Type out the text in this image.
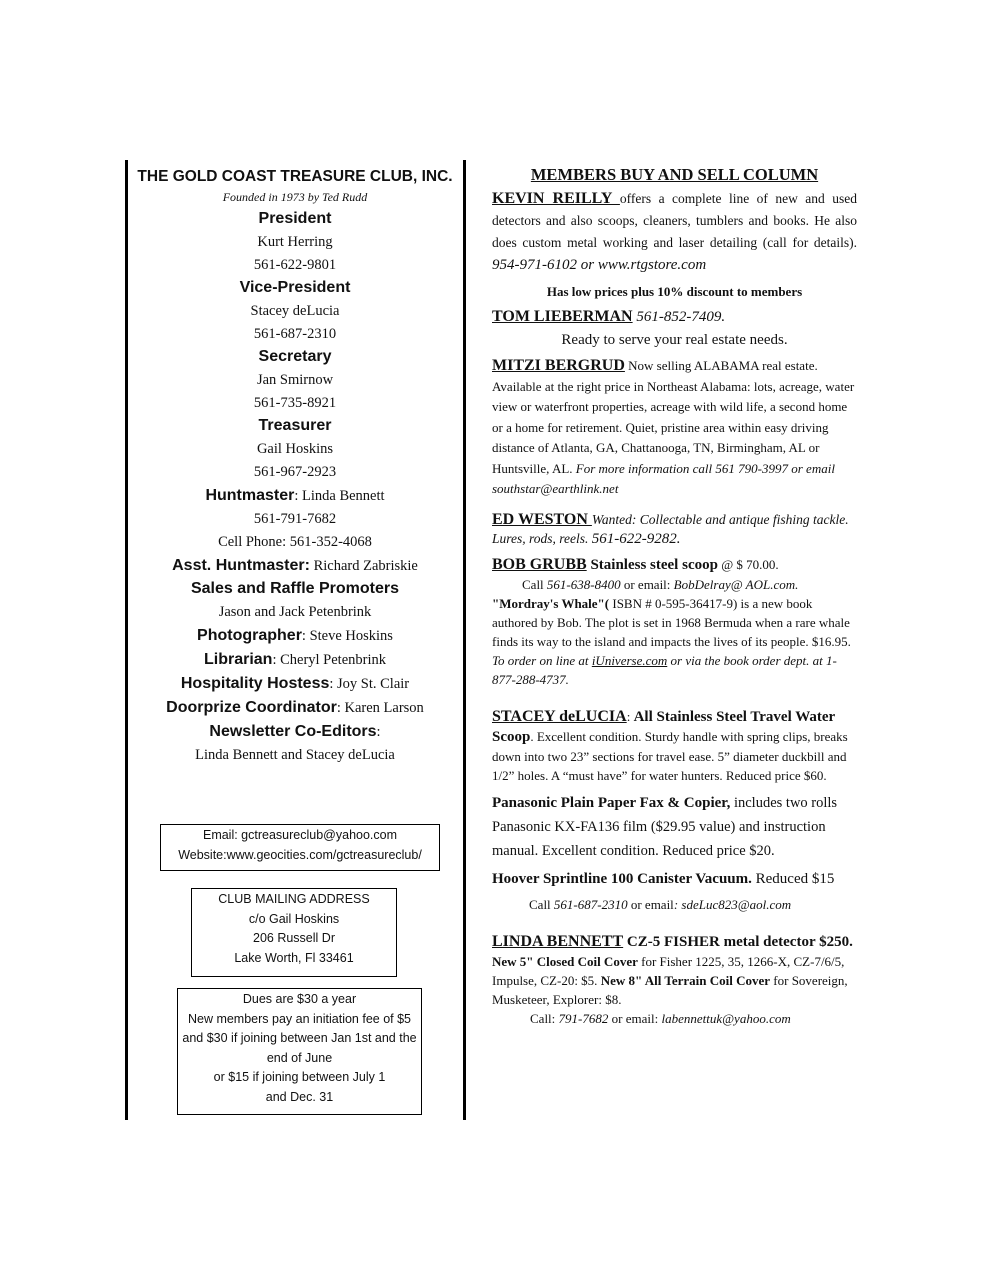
THE GOLD COAST TREASURE CLUB, INC.
Founded in 1973 by Ted Rudd
President
Kurt Herring
561-622-9801
Vice-President
Stacey deLucia
561-687-2310
Secretary
Jan Smirnow
561-735-8921
Treasurer
Gail Hoskins
561-967-2923
Huntmaster: Linda Bennett
561-791-7682
Cell Phone: 561-352-4068
Asst. Huntmaster: Richard Zabriskie
Sales and Raffle Promoters
Jason and Jack Petenbrink
Photographer: Steve Hoskins
Librarian: Cheryl Petenbrink
Hospitality Hostess: Joy St. Clair
Doorprize Coordinator: Karen Larson
Newsletter Co-Editors:
Linda Bennett and Stacey deLucia
Email: gctreasureclub@yahoo.com
Website:www.geocities.com/gctreasureclub/
CLUB MAILING ADDRESS
c/o Gail Hoskins
206 Russell Dr
Lake Worth, Fl 33461
Dues are $30 a year
New members pay an initiation fee of $5
and $30 if joining between Jan 1st and the
end of June
or $15 if joining between July 1
and Dec. 31
MEMBERS BUY AND SELL COLUMN
KEVIN REILLY offers a complete line of new and used detectors and also scoops, cleaners, tumblers and books. He also does custom metal working and laser detailing (call for details). 954-971-6102 or www.rtgstore.com
Has low prices plus 10% discount to members
TOM LIEBERMAN 561-852-7409.
Ready to serve your real estate needs.
MITZI BERGRUD Now selling ALABAMA real estate. Available at the right price in Northeast Alabama: lots, acreage, water view or waterfront properties, acreage with wild life, a second home or a home for retirement. Quiet, pristine area within easy driving distance of Atlanta, GA, Chattanooga, TN, Birmingham, AL or Huntsville, AL. For more information call 561 790-3997 or email southstar@earthlink.net
ED WESTON Wanted: Collectable and antique fishing tackle. Lures, rods, reels. 561-622-9282.
BOB GRUBB Stainless steel scoop @ $ 70.00.
Call 561-638-8400 or email: BobDelray@ AOL.com.
"Mordray's Whale"( ISBN # 0-595-36417-9) is a new book authored by Bob. The plot is set in 1968 Bermuda when a rare whale finds its way to the island and impacts the lives of its people. $16.95. To order on line at iUniverse.com or via the book order dept. at 1-877-288-4737.
STACEY deLUCIA: All Stainless Steel Travel Water Scoop. Excellent condition. Sturdy handle with spring clips, breaks down into two 23” sections for travel ease. 5” diameter duckbill and 1/2” holes. A “must have” for water hunters. Reduced price $60.
Panasonic Plain Paper Fax & Copier, includes two rolls Panasonic KX-FA136 film ($29.95 value) and instruction manual. Excellent condition. Reduced price $20.
Hoover Sprintline 100 Canister Vacuum. Reduced $15
Call 561-687-2310 or email: sdeLuc823@aol.com
LINDA BENNETT CZ-5 FISHER metal detector $250. New 5" Closed Coil Cover for Fisher 1225, 35, 1266-X, CZ-7/6/5, Impulse, CZ-20: $5. New 8" All Terrain Coil Cover for Sovereign, Musketeer, Explorer: $8.
Call: 791-7682 or email: labennettuk@yahoo.com
